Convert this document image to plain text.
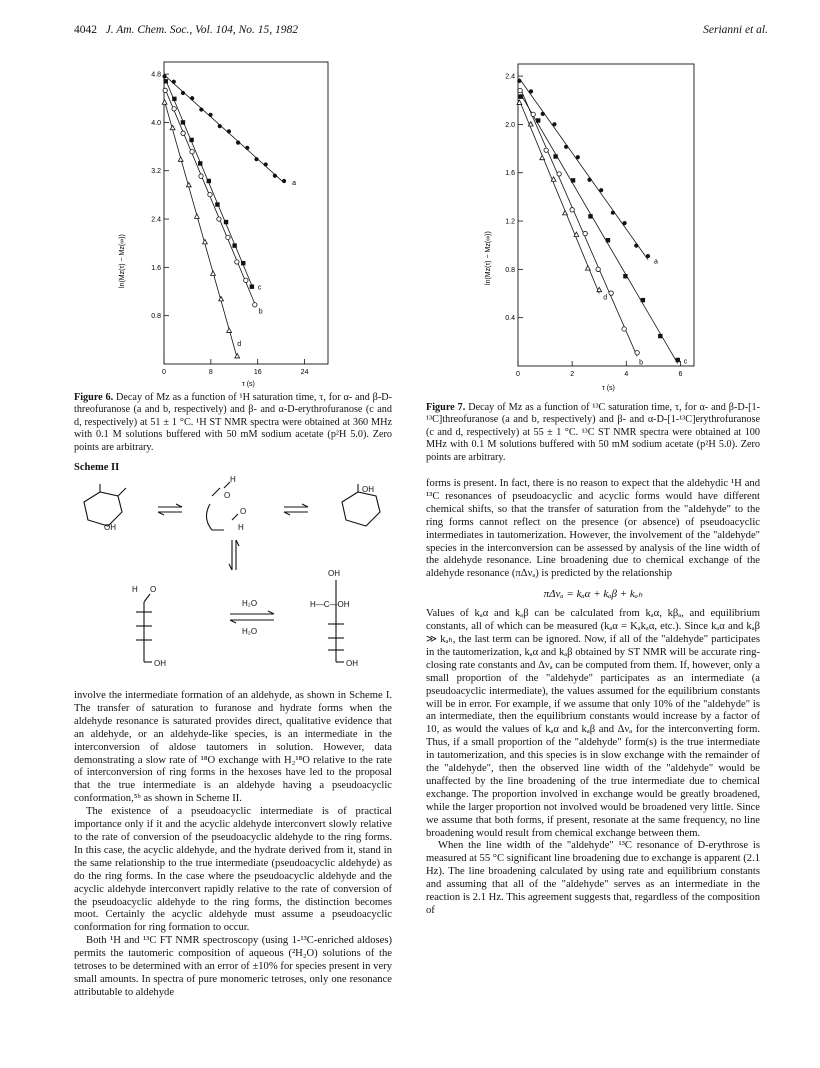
4042 J. Am. Chem. Soc., Vol. 104, No. 15, 1982	Serianni et al.
ln(Mz(τ) − Mz(∞))
0.8
1.6
2.4
3.2
4.0
4.8
0	8	16	24
a
b
c
d
τ (s)
Figure 6. Decay of Mz as a function of ¹H saturation time, τ, for α- and β-D-threofuranose (a and b, respectively) and β- and α-D-erythrofuranose (c and d, respectively) at 51 ± 1 °C. ¹H ST NMR spectra were obtained at 360 MHz with 0.1 M solutions buffered with 50 mM sodium acetate (p²H 5.0). Zero points are arbitrary.
ln(Mz(τ) − Mz(∞))
0.4
0.8
1.2
1.6
2.0
2.4
0	2	4	6
a
b	c
d
τ (s)
Figure 7. Decay of Mz as a function of ¹³C saturation time, τ, for α- and β-D-[1-¹³C]threofuranose (a and b, respectively) and β- and α-D-[1-¹³C]erythrofuranose (c and d, respectively) at 55 ± 1 °C. ¹³C ST NMR spectra were obtained at 100 MHz with 0.1 M solutions buffered with 50 mM sodium acetate (p²H 5.0). Zero points are arbitrary.
Scheme II
OH
H
O
O
H
OH
H O
OH
H₂O
H₂O
OH
H—C—OH
OH

involve the intermediate formation of an aldehyde, as shown in Scheme I. The transfer of saturation to furanose and hydrate forms when the aldehyde resonance is saturated provides direct, qualitative evidence that an aldehyde, or an aldehyde-like species, is an intermediate in the interconversion of aldose tautomers in solution. However, data demonstrating a slow rate of ¹⁸O exchange with H₂¹⁸O relative to the rate of interconversion of ring forms in the hexoses have led to the proposal that the true intermediate is an aldehyde having a pseudoacyclic conformation,⁵ᵇ as shown in Scheme II.

The existence of a pseudoacyclic intermediate is of practical importance only if it and the acyclic aldehyde interconvert slowly relative to the rate of conversion of the pseudoacyclic aldehyde to the ring forms. In this case, the acyclic aldehyde, and the hydrate derived from it, stand in the same relationship to the true intermediate (pseudoacyclic aldehyde) as do the ring forms. In the case where the pseudoacyclic aldehyde and the acyclic aldehyde interconvert rapidly relative to the rate of conversion of the pseudoacyclic aldehyde to the ring forms, the distinction becomes moot. Certainly the acyclic aldehyde must assume a pseudoacyclic conformation for ring formation to occur.

Both ¹H and ¹³C FT NMR spectroscopy (using 1-¹³C-enriched aldoses) permits the tautomeric composition of aqueous (²H₂O) solutions of the tetroses to be determined with an error of ±10% for species present in very small amounts. In spectra of pure monomeric tetroses, only one resonance attributable to aldehyde

forms is present. In fact, there is no reason to expect that the aldehydic ¹H and ¹³C resonances of pseudoacyclic and acyclic forms would have different chemical shifts, so that the transfer of saturation from the "aldehyde" to the ring forms cannot reflect on the presence (or absence) of pseudoacyclic intermediates in tautomerization. However, the involvement of the "aldehyde" species in the interconversion can be assessed by analysis of the line width of the aldehyde resonance. Line broadening due to chemical exchange of the aldehyde resonance (πΔνₐ) is predicted by the relationship

πΔνₐ = kₐα + kₐβ + kₐₕ

Values of kₐα and kₐβ can be calculated from kₐα, kβₐ, and equilibrium constants, all of which can be measured (kₐα = Kₐkₐα, etc.). Since kₐα and kₐβ ≫ kₐₕ, the last term can be ignored. Now, if all of the "aldehyde" participates in the tautomerization, kₐα and kₐβ obtained by ST NMR will be accurate ring-closing rate constants and Δνₐ can be computed from them. If, however, only a small proportion of the "aldehyde" participates as an intermediate (a pseudoacyclic intermediate), the values assumed for the equilibrium constants will be in error. For example, if we assume that only 10% of the "aldehyde" is an intermediate, then the equilibrium constants would increase by a factor of 10, as would the values of kₐα and kₐβ and Δνₐ for the interconverting form. Thus, if a small proportion of the "aldehyde" form(s) is the true intermediate in tautomerization, and this species is in slow exchange with the remainder of the "aldehyde", then the observed line width of the "aldehyde" would be unaffected by the line broadening of the true intermediate due to chemical exchange. The proportion involved in exchange would be greatly broadened, while the larger proportion not involved would be broadened very little. Since we assume that both forms, if present, resonate at the same frequency, no line broadening would result from chemical exchange between them.

When the line width of the "aldehyde" ¹³C resonance of D-erythrose is measured at 55 °C significant line broadening due to exchange is apparent (2.1 Hz). The line broadening calculated by using rate and equilibrium constants and assuming that all of the "aldehyde" serves as an intermediate in the reaction is 2.1 Hz. This agreement suggests that, regardless of the composition of
